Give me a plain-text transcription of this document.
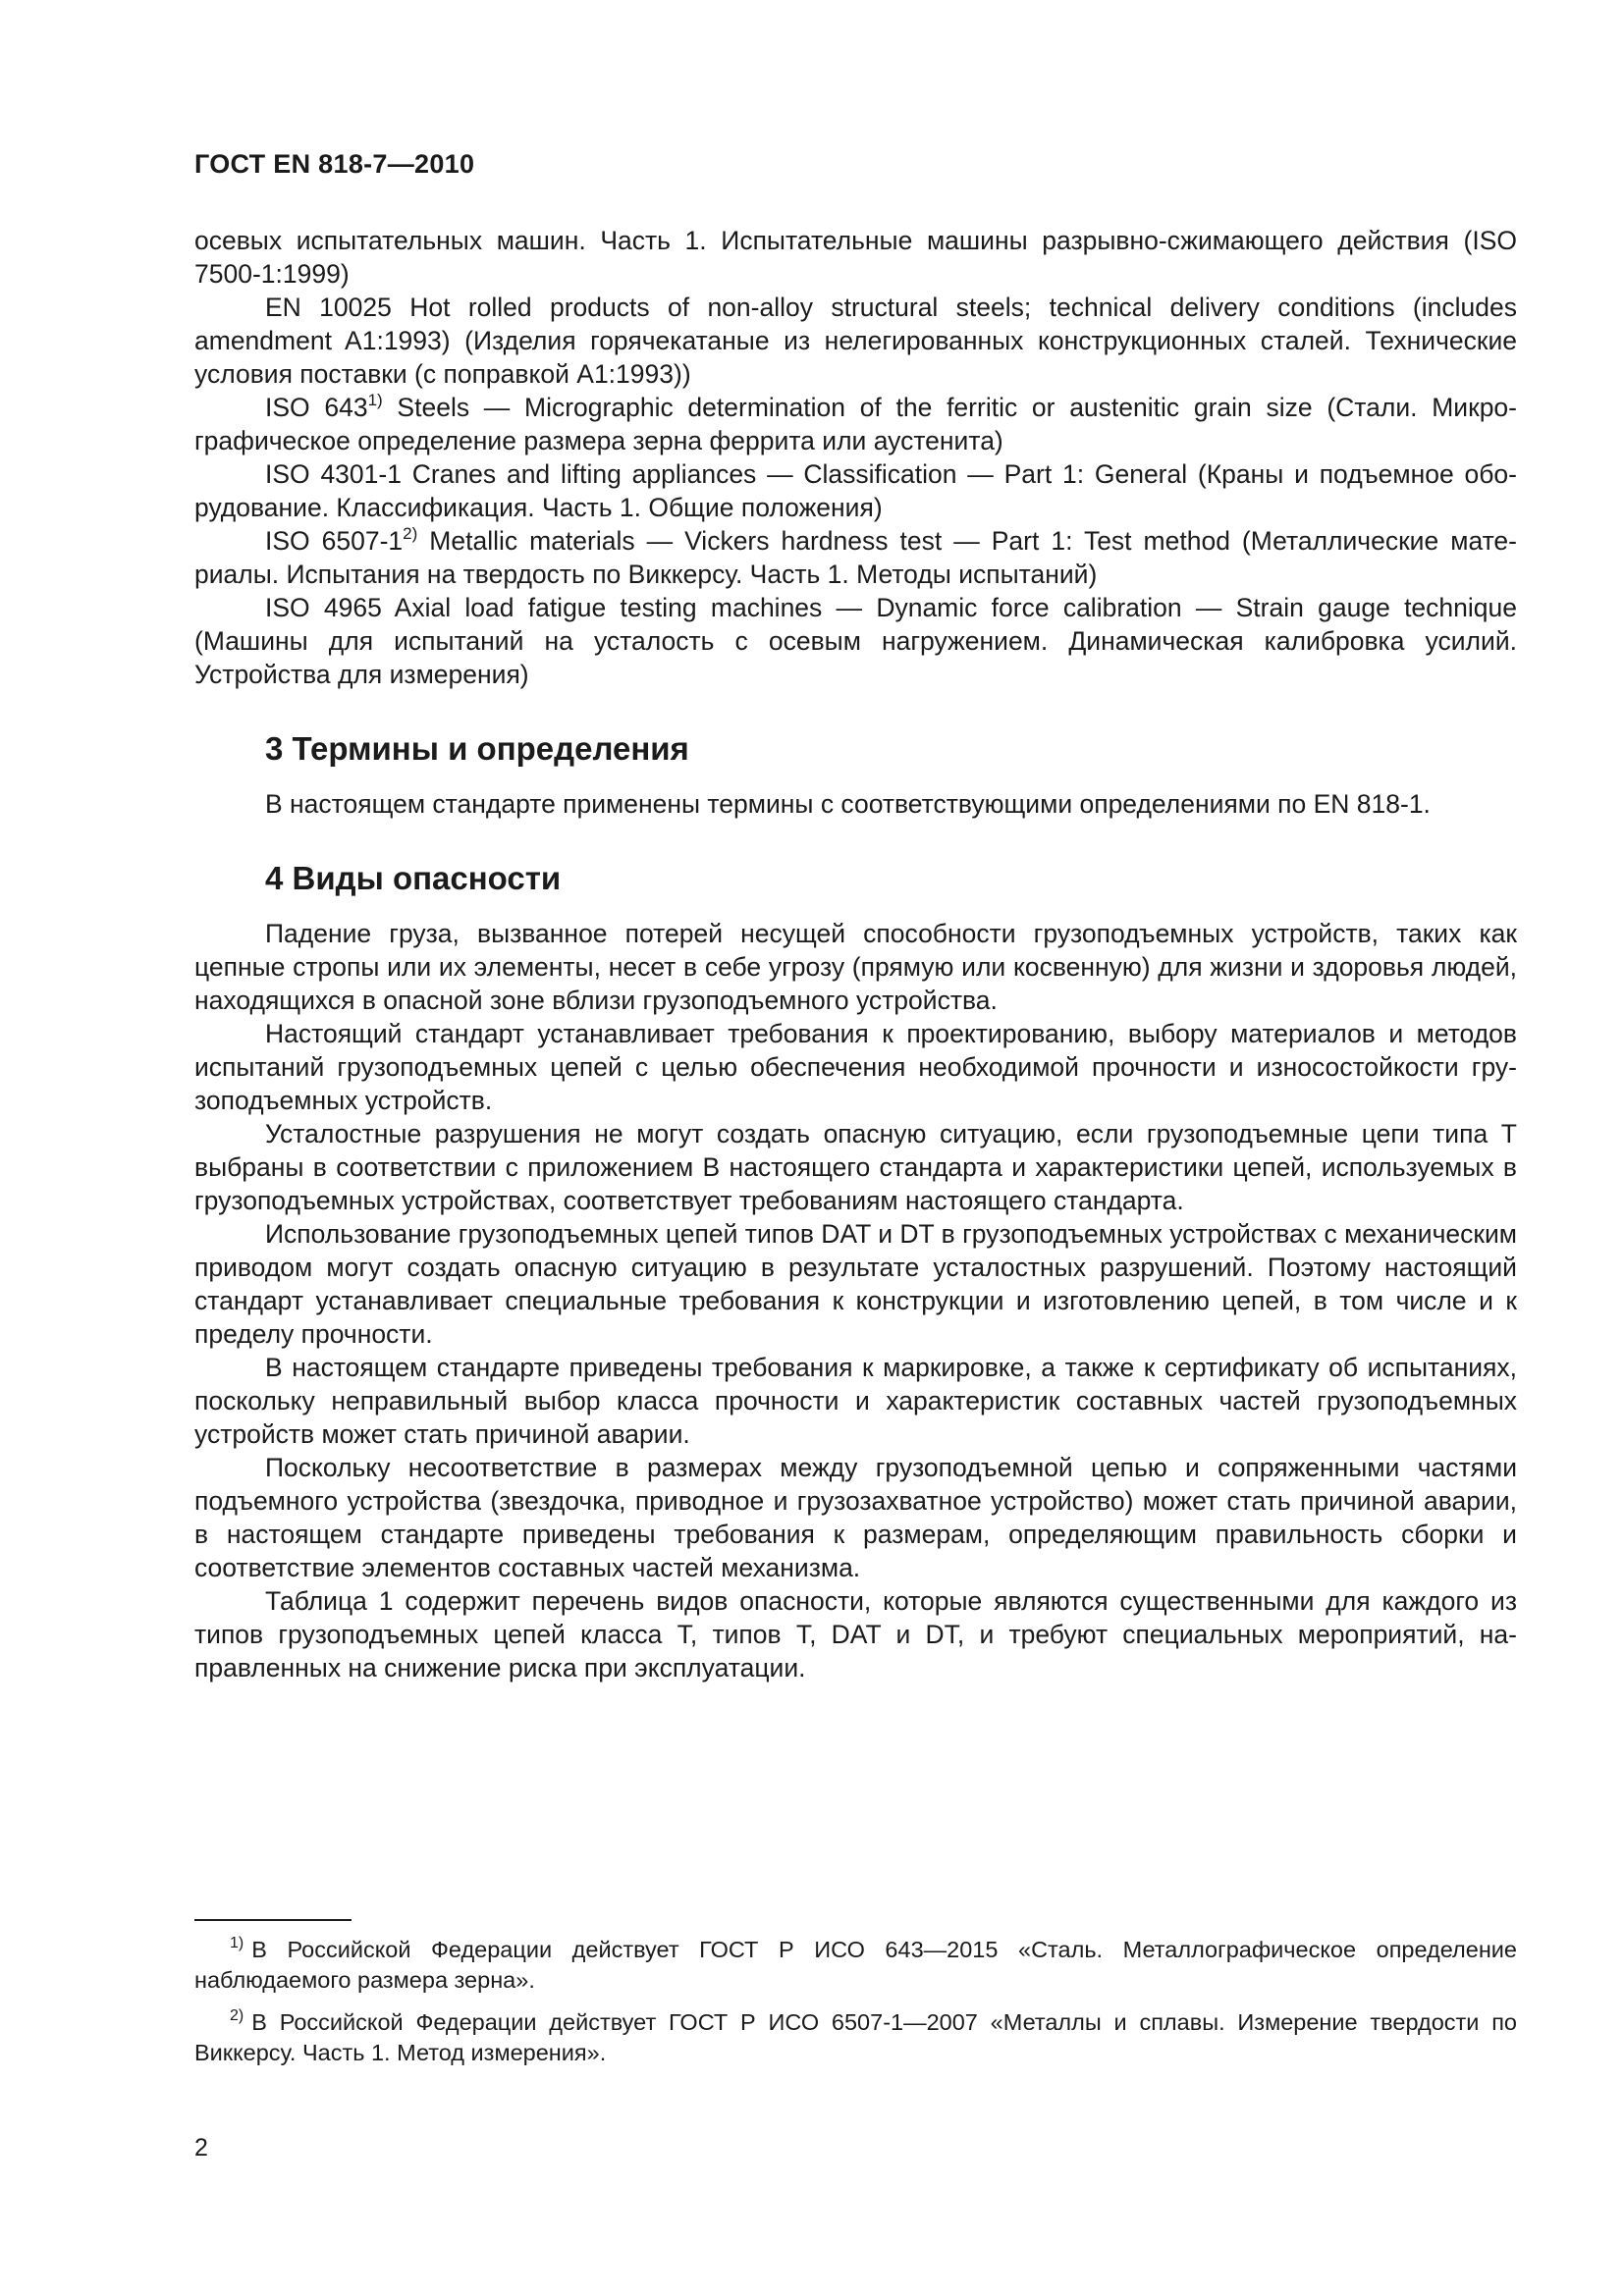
ГОСТ EN 818-7—2010

осевых испытательных машин. Часть 1. Испытательные машины разрывно-сжимающего действия (ISO 7500-1:1999)

EN 10025 Hot rolled products of non-alloy structural steels; technical delivery conditions (includes amendment A1:1993) (Изделия горячекатаные из нелегированных конструкционных сталей. Технические условия поставки (с поправкой A1:1993))

ISO 643$^{1)}$ Steels — Micrographic determination of the ferritic or austenitic grain size (Стали. Микрографическое определение размера зерна феррита или аустенита)

ISO 4301-1 Cranes and lifting appliances — Classification — Part 1: General (Краны и подъемное оборудование. Классификация. Часть 1. Общие положения)

ISO 6507-1$^{2)}$ Metallic materials — Vickers hardness test — Part 1: Test method (Металлические материалы. Испытания на твердость по Виккерсу. Часть 1. Методы испытаний)

ISO 4965 Axial load fatigue testing machines — Dynamic force calibration — Strain gauge technique (Машины для испытаний на усталость с осевым нагружением. Динамическая калибровка усилий. Устройства для измерения)

3 Термины и определения

В настоящем стандарте применены термины с соответствующими определениями по EN 818-1.

4 Виды опасности

Падение груза, вызванное потерей несущей способности грузоподъемных устройств, таких как цепные стропы или их элементы, несет в себе угрозу (прямую или косвенную) для жизни и здоровья людей, находящихся в опасной зоне вблизи грузоподъемного устройства.

Настоящий стандарт устанавливает требования к проектированию, выбору материалов и методов испытаний грузоподъемных цепей с целью обеспечения необходимой прочности и износостойкости грузоподъемных устройств.

Усталостные разрушения не могут создать опасную ситуацию, если грузоподъемные цепи типа T выбраны в соответствии с приложением B настоящего стандарта и характеристики цепей, используемых в грузоподъемных устройствах, соответствует требованиям настоящего стандарта.

Использование грузоподъемных цепей типов DAT и DT в грузоподъемных устройствах с механическим приводом могут создать опасную ситуацию в результате усталостных разрушений. Поэтому настоящий стандарт устанавливает специальные требования к конструкции и изготовлению цепей, в том числе и к пределу прочности.

В настоящем стандарте приведены требования к маркировке, а также к сертификату об испытаниях, поскольку неправильный выбор класса прочности и характеристик составных частей грузоподъемных устройств может стать причиной аварии.

Поскольку несоответствие в размерах между грузоподъемной цепью и сопряженными частями подъемного устройства (звездочка, приводное и грузозахватное устройство) может стать причиной аварии, в настоящем стандарте приведены требования к размерам, определяющим правильность сборки и соответствие элементов составных частей механизма.

Таблица 1 содержит перечень видов опасности, которые являются существенными для каждого из типов грузоподъемных цепей класса T, типов T, DAT и DT, и требуют специальных мероприятий, направленных на снижение риска при эксплуатации.

$^{1)}$ В Российской Федерации действует ГОСТ Р ИСО 643—2015 «Сталь. Металлографическое определение наблюдаемого размера зерна».

$^{2)}$ В Российской Федерации действует ГОСТ Р ИСО 6507-1—2007 «Металлы и сплавы. Измерение твердости по Виккерсу. Часть 1. Метод измерения».

2
